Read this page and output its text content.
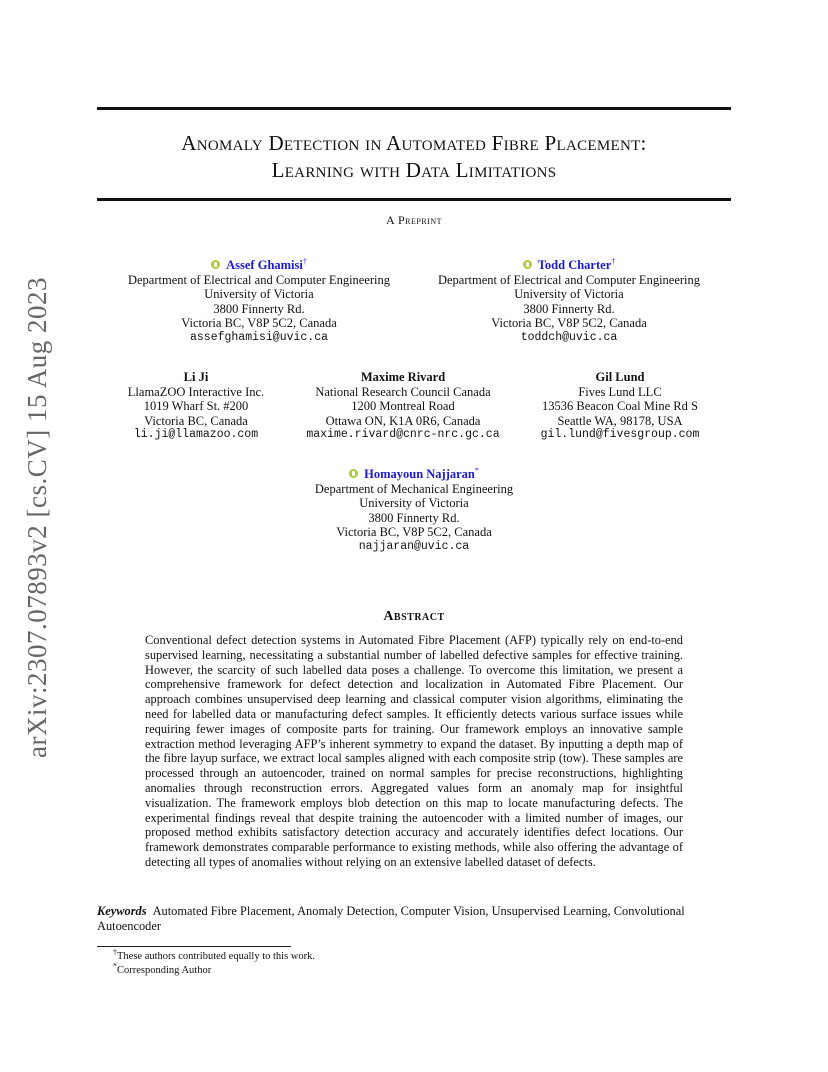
arXiv:2307.07893v2 [cs.CV] 15 Aug 2023
Anomaly Detection in Automated Fibre Placement:
Learning with Data Limitations
A Preprint
Assef Ghamisi†
Department of Electrical and Computer Engineering
University of Victoria
3800 Finnerty Rd.
Victoria BC, V8P 5C2, Canada
assefghamisi@uvic.ca
Todd Charter†
Department of Electrical and Computer Engineering
University of Victoria
3800 Finnerty Rd.
Victoria BC, V8P 5C2, Canada
toddch@uvic.ca
Li Ji
LlamaZOO Interactive Inc.
1019 Wharf St. #200
Victoria BC, Canada
li.ji@llamazoo.com
Maxime Rivard
National Research Council Canada
1200 Montreal Road
Ottawa ON, K1A 0R6, Canada
maxime.rivard@cnrc-nrc.gc.ca
Gil Lund
Fives Lund LLC
13536 Beacon Coal Mine Rd S
Seattle WA, 98178, USA
gil.lund@fivesgroup.com
Homayoun Najjaran*
Department of Mechanical Engineering
University of Victoria
3800 Finnerty Rd.
Victoria BC, V8P 5C2, Canada
najjaran@uvic.ca
Abstract
Conventional defect detection systems in Automated Fibre Placement (AFP) typically rely on end-to-end supervised learning, necessitating a substantial number of labelled defective samples for effective training. However, the scarcity of such labelled data poses a challenge. To overcome this limitation, we present a comprehensive framework for defect detection and localization in Automated Fibre Placement. Our approach combines unsupervised deep learning and classical computer vision algorithms, eliminating the need for labelled data or manufacturing defect samples. It efficiently detects various surface issues while requiring fewer images of composite parts for training. Our framework employs an innovative sample extraction method leveraging AFP’s inherent symmetry to expand the dataset. By inputting a depth map of the fibre layup surface, we extract local samples aligned with each composite strip (tow). These samples are processed through an autoencoder, trained on normal samples for precise reconstructions, highlighting anomalies through reconstruction errors. Aggregated values form an anomaly map for insightful visualization. The framework employs blob detection on this map to locate manufacturing defects. The experimental findings reveal that despite training the autoencoder with a limited number of images, our proposed method exhibits satisfactory detection accuracy and accurately identifies defect locations. Our framework demonstrates comparable performance to existing methods, while also offering the advantage of detecting all types of anomalies without relying on an extensive labelled dataset of defects.
Keywords Automated Fibre Placement, Anomaly Detection, Computer Vision, Unsupervised Learning, Convolutional Autoencoder
†These authors contributed equally to this work.
*Corresponding Author
